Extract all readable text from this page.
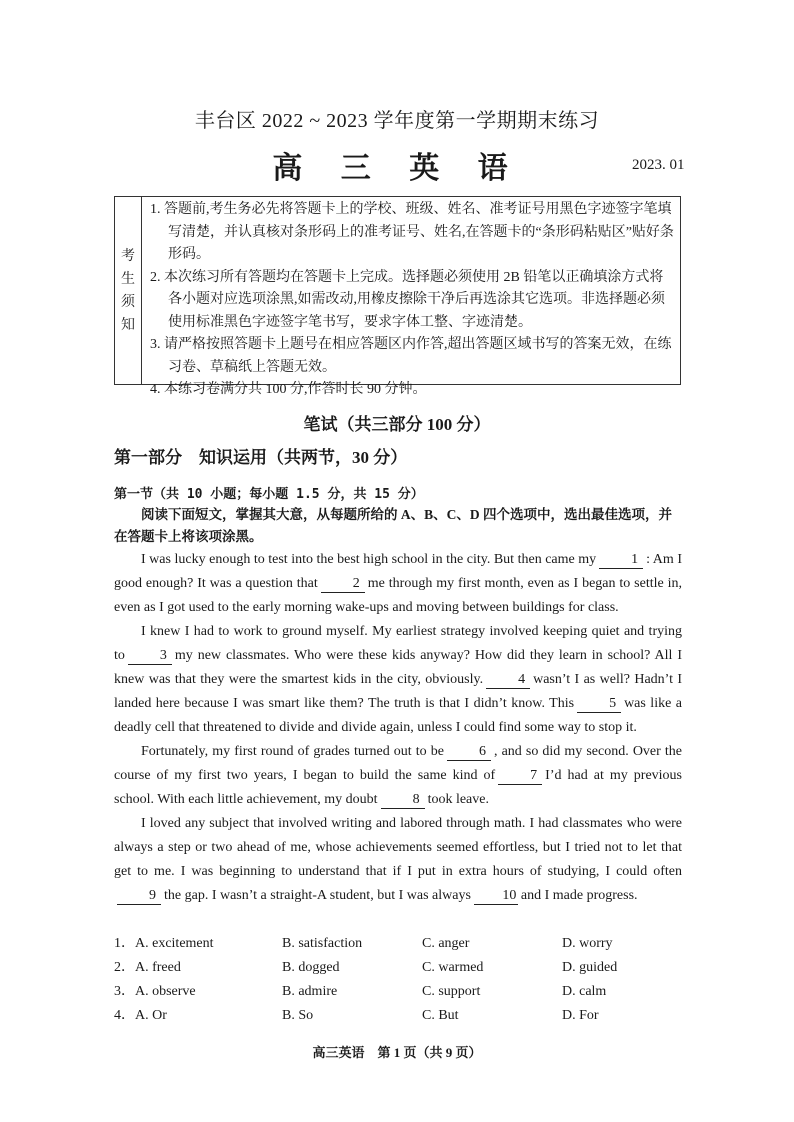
丰台区 2022 ~ 2023 学年度第一学期期末练习
高 三 英 语	2023. 01
考
生
须
知
1. 答题前,考生务必先将答题卡上的学校、班级、姓名、准考证号用黑色字迹签字笔填写清楚，并认真核对条形码上的准考证号、姓名,在答题卡的“条形码粘贴区”贴好条形码。
2. 本次练习所有答题均在答题卡上完成。选择题必须使用 2B 铅笔以正确填涂方式将各小题对应选项涂黑,如需改动,用橡皮擦除干净后再选涂其它选项。非选择题必须使用标准黑色字迹签字笔书写，要求字体工整、字迹清楚。
3. 请严格按照答题卡上题号在相应答题区内作答,超出答题区域书写的答案无效，在练习卷、草稿纸上答题无效。
4. 本练习卷满分共 100 分,作答时长 90 分钟。
笔试（共三部分 100 分）
第一部分　知识运用（共两节，30 分）
第一节（共 10 小题；每小题 1.5 分，共 15 分）
阅读下面短文，掌握其大意，从每题所给的 A、B、C、D 四个选项中，选出最佳选项，并在答题卡上将该项涂黑。

I was lucky enough to test into the best high school in the city. But then came my	1 : Am I good enough? It was a question that	2 me through my first month, even as I began to settle in, even as I got used to the early morning wake-ups and moving between buildings for class.

I knew I had to work to ground myself. My earliest strategy involved keeping quiet and trying to	3 my new classmates. Who were these kids anyway? How did they learn in school? All I knew was that they were the smartest kids in the city, obviously.	4 wasn’t I as well? Hadn’t I landed here because I was smart like them? The truth is that I didn’t know. This	5 was like a deadly cell that threatened to divide and divide again, unless I could find some way to stop it.

Fortunately, my first round of grades turned out to be	6 , and so did my second. Over the course of my first two years, I began to build the same kind of	7 I’d had at my previous school. With each little achievement, my doubt	8 took leave.

I loved any subject that involved writing and labored through math. I had classmates who were always a step or two ahead of me, whose achievements seemed effortless, but I tried not to let that get to me. I was beginning to understand that if I put in extra hours of studying, I could often9 the gap. I wasn’t a straight-A student, but I was always 10 and I made progress.

1．A. excitement	B. satisfaction	C. anger	D. worry
2．A. freed	B. dogged	C. warmed	D. guided
3．A. observe	B. admire	C. support	D. calm
4．A. Or	B. So	C. But	D. For
高三英语　第 1 页（共 9 页）
